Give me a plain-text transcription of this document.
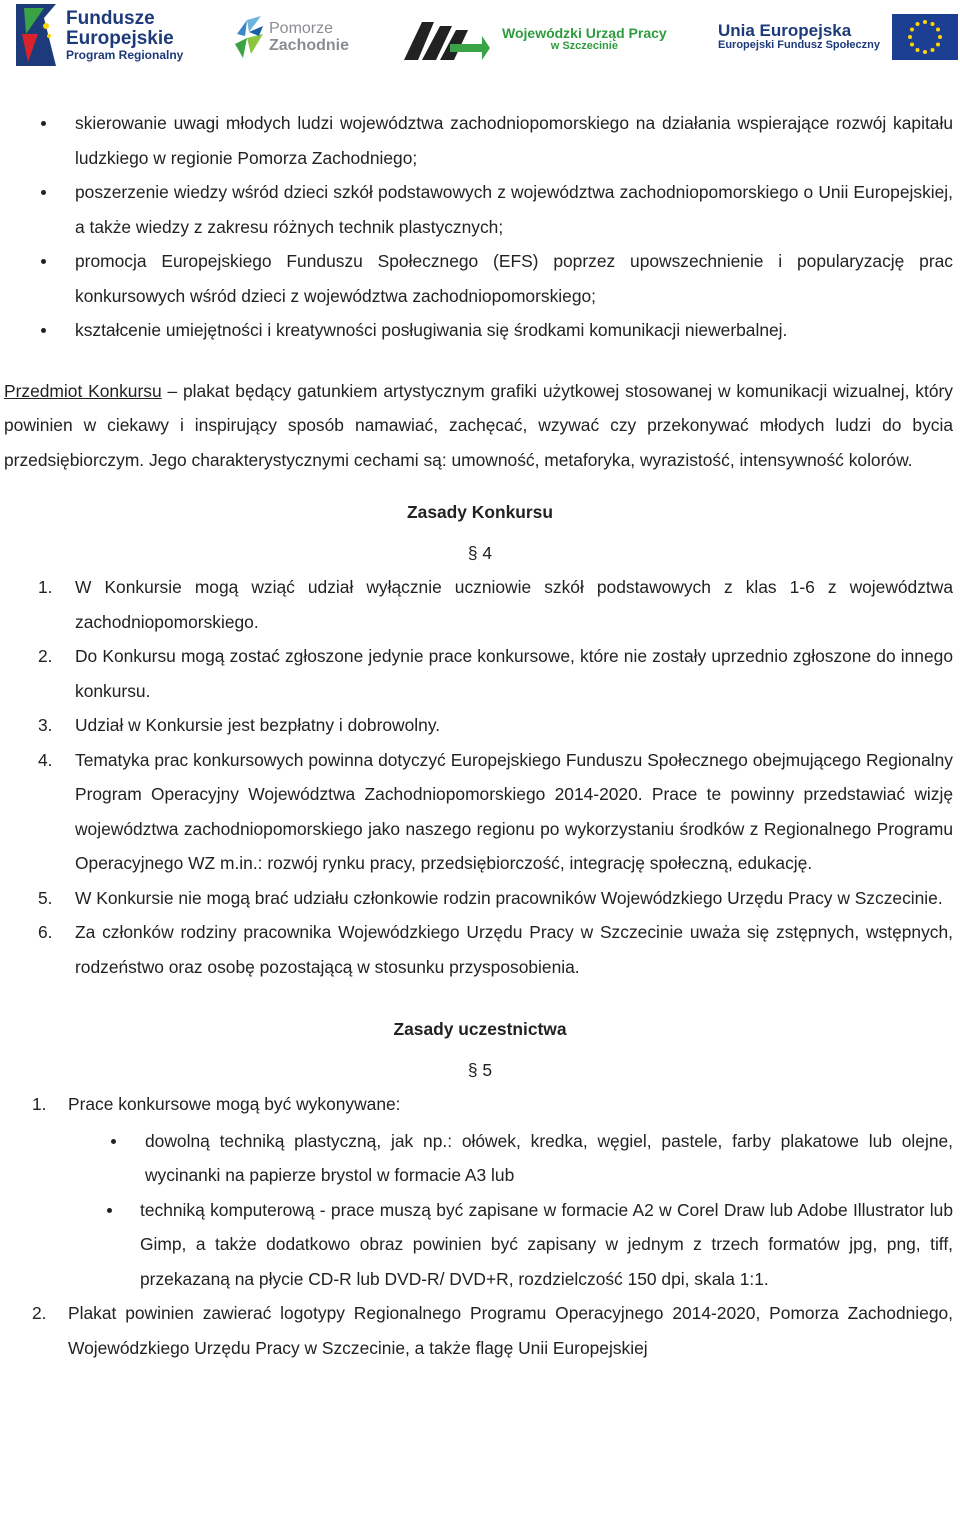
Fundusze
Europejskie
Program Regionalny
Pomorze
Zachodnie
Wojewódzki Urząd Pracy
w Szczecinie
Unia Europejska
Europejski Fundusz Społeczny
skierowanie uwagi młodych ludzi województwa zachodniopomorskiego na działania wspierające rozwój kapitału ludzkiego w regionie Pomorza Zachodniego;
poszerzenie wiedzy wśród dzieci szkół podstawowych z województwa zachodniopomorskiego o Unii Europejskiej, a także wiedzy z zakresu różnych technik plastycznych;
promocja Europejskiego Funduszu Społecznego (EFS) poprzez upowszechnienie i popularyzację prac konkursowych wśród dzieci z województwa zachodniopomorskiego;
kształcenie umiejętności i kreatywności posługiwania się środkami komunikacji niewerbalnej.

Przedmiot Konkursu – plakat będący gatunkiem artystycznym grafiki użytkowej stosowanej w komunikacji wizualnej, który powinien w ciekawy i inspirujący sposób namawiać, zachęcać, wzywać czy przekonywać młodych ludzi do bycia przedsiębiorczym. Jego charakterystycznymi cechami są: umowność, metaforyka, wyrazistość, intensywność kolorów.

Zasady Konkursu

§ 4

1. W Konkursie mogą wziąć udział wyłącznie uczniowie szkół podstawowych z klas 1-6 z województwa zachodniopomorskiego.
2. Do Konkursu mogą zostać zgłoszone jedynie prace konkursowe, które nie zostały uprzednio zgłoszone do innego konkursu.
3. Udział w Konkursie jest bezpłatny i dobrowolny.
4. Tematyka prac konkursowych powinna dotyczyć Europejskiego Funduszu Społecznego obejmującego Regionalny Program Operacyjny Województwa Zachodniopomorskiego 2014-2020. Prace te powinny przedstawiać wizję województwa zachodniopomorskiego jako naszego regionu po wykorzystaniu środków z Regionalnego Programu Operacyjnego WZ m.in.: rozwój rynku pracy, przedsiębiorczość, integrację społeczną, edukację.
5. W Konkursie nie mogą brać udziału członkowie rodzin pracowników Wojewódzkiego Urzędu Pracy w Szczecinie.
6. Za członków rodziny pracownika Wojewódzkiego Urzędu Pracy w Szczecinie uważa się zstępnych, wstępnych, rodzeństwo oraz osobę pozostającą w stosunku przysposobienia.

Zasady uczestnictwa

§ 5

1. Prace konkursowe mogą być wykonywane:
dowolną techniką plastyczną, jak np.: ołówek, kredka, węgiel, pastele, farby plakatowe lub olejne, wycinanki na papierze brystol w formacie A3 lub
techniką komputerową - prace muszą być zapisane w formacie A2 w Corel Draw lub Adobe Illustrator lub Gimp, a także dodatkowo obraz powinien być zapisany w jednym z trzech formatów jpg, png, tiff, przekazaną na płycie CD-R lub DVD-R/ DVD+R, rozdzielczość 150 dpi, skala 1:1.
2. Plakat powinien zawierać logotypy Regionalnego Programu Operacyjnego 2014-2020, Pomorza Zachodniego, Wojewódzkiego Urzędu Pracy w Szczecinie, a także flagę Unii Europejskiej
